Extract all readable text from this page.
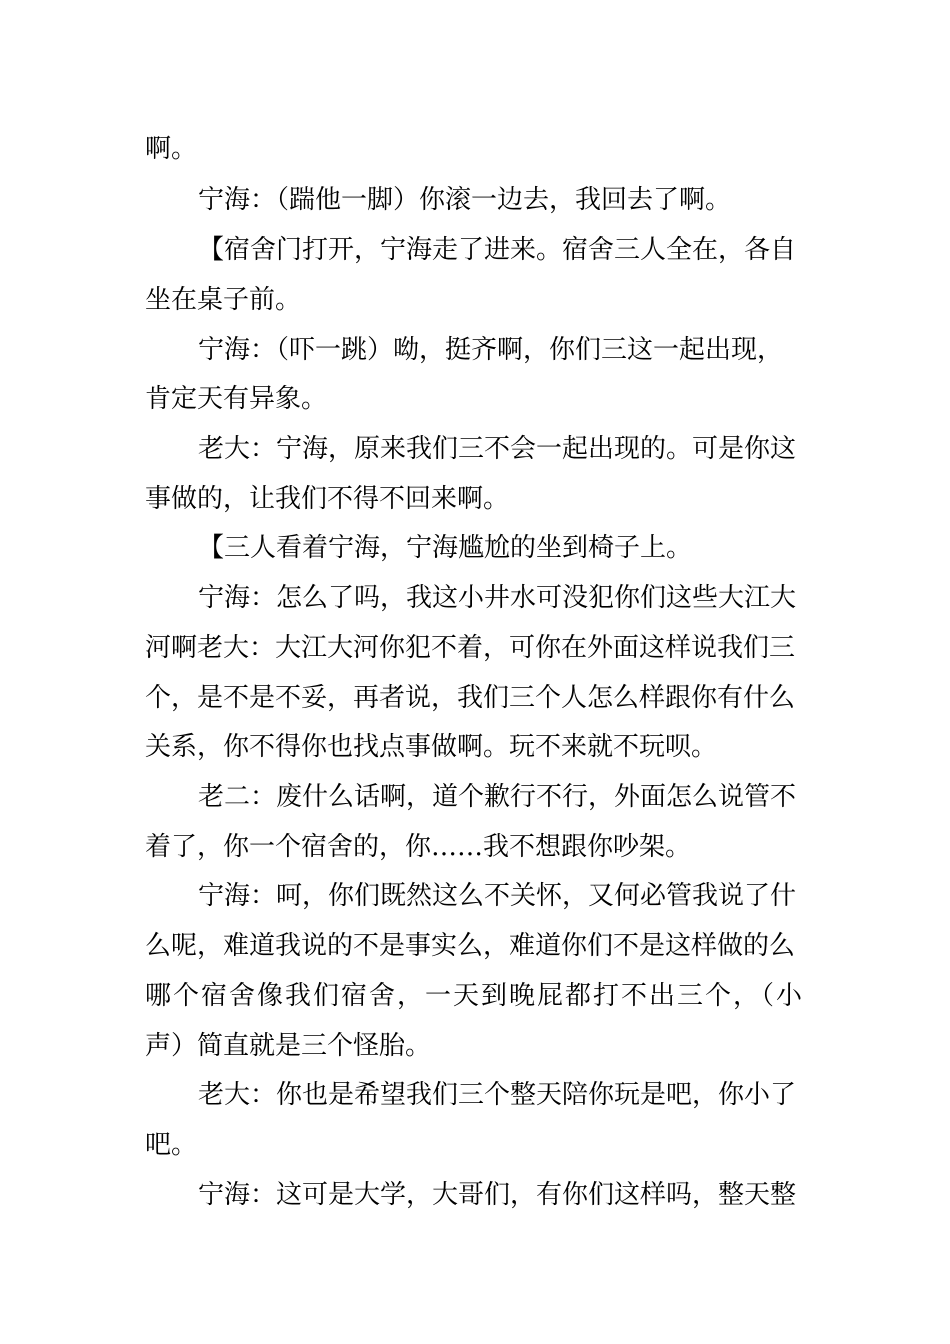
啊。
宁海：（踹他一脚）你滚一边去，我回去了啊。
【宿舍门打开，宁海走了进来。宿舍三人全在，各自
坐在桌子前。
宁海：（吓一跳）呦，挺齐啊，你们三这一起出现，
肯定天有异象。
老大：宁海，原来我们三不会一起出现的。可是你这
事做的，让我们不得不回来啊。
【三人看着宁海，宁海尴尬的坐到椅子上。
宁海：怎么了吗，我这小井水可没犯你们这些大江大
河啊老大：大江大河你犯不着，可你在外面这样说我们三
个，是不是不妥，再者说，我们三个人怎么样跟你有什么
关系，你不得你也找点事做啊。玩不来就不玩呗。
老二：废什么话啊，道个歉行不行，外面怎么说管不
着了，你一个宿舍的，你……我不想跟你吵架。
宁海：呵，你们既然这么不关怀，又何必管我说了什
么呢，难道我说的不是事实么，难道你们不是这样做的么
哪个宿舍像我们宿舍，一天到晚屁都打不出三个，（小
声）简直就是三个怪胎。
老大：你也是希望我们三个整天陪你玩是吧，你小了
吧。
宁海：这可是大学，大哥们，有你们这样吗，整天整
